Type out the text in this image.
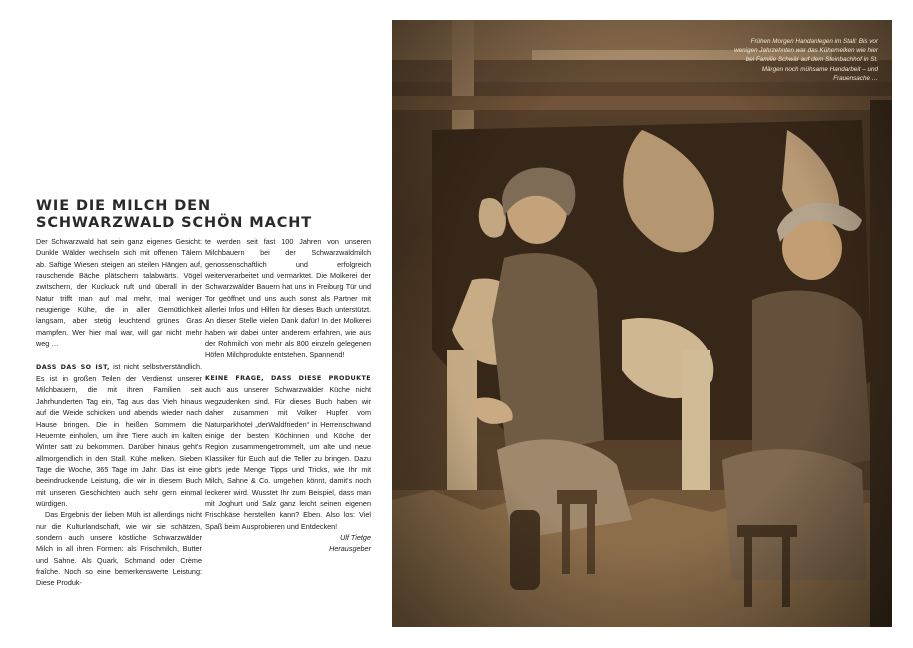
WIE DIE MILCH DEN
SCHWARZWALD SCHÖN MACHT

Der Schwarzwald hat sein ganz eigenes Gesicht: Dunkle Wälder wechseln sich mit offenen Tälern ab. Saftige Wiesen steigen an steilen Hängen auf, rauschende Bäche plätschern talabwärts. Vögel zwitschern, der Kuckuck ruft und überall in der Natur trifft man auf mal mehr, mal weniger neugierige Kühe, die in aller Gemütlichkeit langsam, aber stetig leuchtend grünes Gras mampfen. Wer hier mal war, will gar nicht mehr weg …

DASS DAS SO IST, ist nicht selbstverständlich. Es ist in großen Teilen der Verdienst unserer Milchbauern, die mit ihren Familien seit Jahrhunderten Tag ein, Tag aus das Vieh hinaus auf die Weide schicken und abends wieder nach Hause bringen. Die in heißen Sommern die Heuernte einholen, um ihre Tiere auch im kalten Winter satt zu bekommen. Darüber hinaus geht's allmorgendlich in den Stall. Kühe melken. Sieben Tage die Woche, 365 Tage im Jahr. Das ist eine beeindruckende Leistung, die wir in diesem Buch mit unseren Geschichten auch sehr gern einmal würdigen.

Das Ergebnis der lieben Müh ist allerdings nicht nur die Kulturlandschaft, wie wir sie schätzen, sondern auch unsere köstliche Schwarzwälder Milch in all ihren Formen: als Frischmilch, Butter und Sahne. Als Quark, Schmand oder Crème fraîche. Noch so eine bemerkenswerte Leistung: Diese Produk-

te werden seit fast 100 Jahren von unseren Milchbauern bei der Schwarzwaldmilch genossenschaftlich und erfolgreich weiterverarbeitet und vermarktet. Die Molkerei der Schwarzwälder Bauern hat uns in Freiburg Tür und Tor geöffnet und uns auch sonst als Partner mit allerlei Infos und Hilfen für dieses Buch unterstützt. An dieser Stelle vielen Dank dafür! In der Molkerei haben wir dabei unter anderem erfahren, wie aus der Rohmilch von mehr als 800 einzeln gelegenen Höfen Milchprodukte entstehen. Spannend!

KEINE FRAGE, DASS DIESE PRODUKTE auch aus unserer Schwarzwälder Küche nicht wegzudenken sind. Für dieses Buch haben wir daher zusammen mit Volker Hupfer vom Naturparkhotel „derWaldfrieden“ in Herrenschwand einige der besten Köchinnen und Köche der Region zusammengetrommelt, um alte und neue Klassiker für Euch auf die Teller zu bringen. Dazu gibt's jede Menge Tipps und Tricks, wie Ihr mit Milch, Sahne & Co. umgehen könnt, damit's noch leckerer wird. Wusstet Ihr zum Beispiel, dass man mit Joghurt und Salz ganz leicht seinen eigenen Frischkäse herstellen kann? Eben. Also los: Viel Spaß beim Ausprobieren und Entdecken!

Ulf Tietge
Herausgeber

Frühen Morgen Handanlegen im Stall: Bis vor wenigen Jahrzehnten war das Kühemelken wie hier bei Familie Schwär auf dem Steinbachhof in St. Märgen noch mühsame Handarbeit – und Frauensache …
